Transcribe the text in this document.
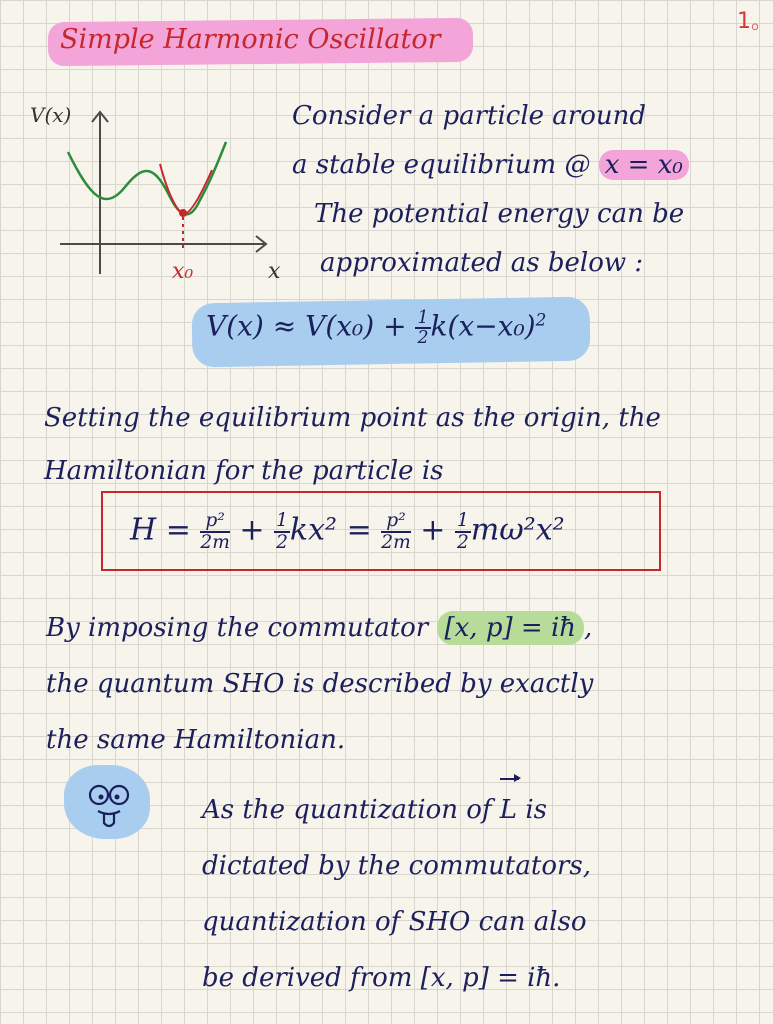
1。
Simple Harmonic Oscillator
V(x)
x
x₀
Consider a particle around
a stable equilibrium @ x = x₀
The potential energy can be
approximated as below :
$V(x) \approx V(x_0) + \frac{1}{2} k(x-x_0)^2$
Setting the equilibrium point as the origin, the
Hamiltonian for the particle is
$H = \frac{\text{p²}}{2m} + \frac{1}{2} kx^2 = \frac{\text{p²}}{2m} + \frac{1}{2} m\omega^2x^2$
By imposing the commutator [x, p] = iħ ,
the quantum SHO is described by exactly
the same Hamiltonian.
As the quantization of L is
dictated by the commutators,
quantization of SHO can also
be derived from [x, p] = iħ.
